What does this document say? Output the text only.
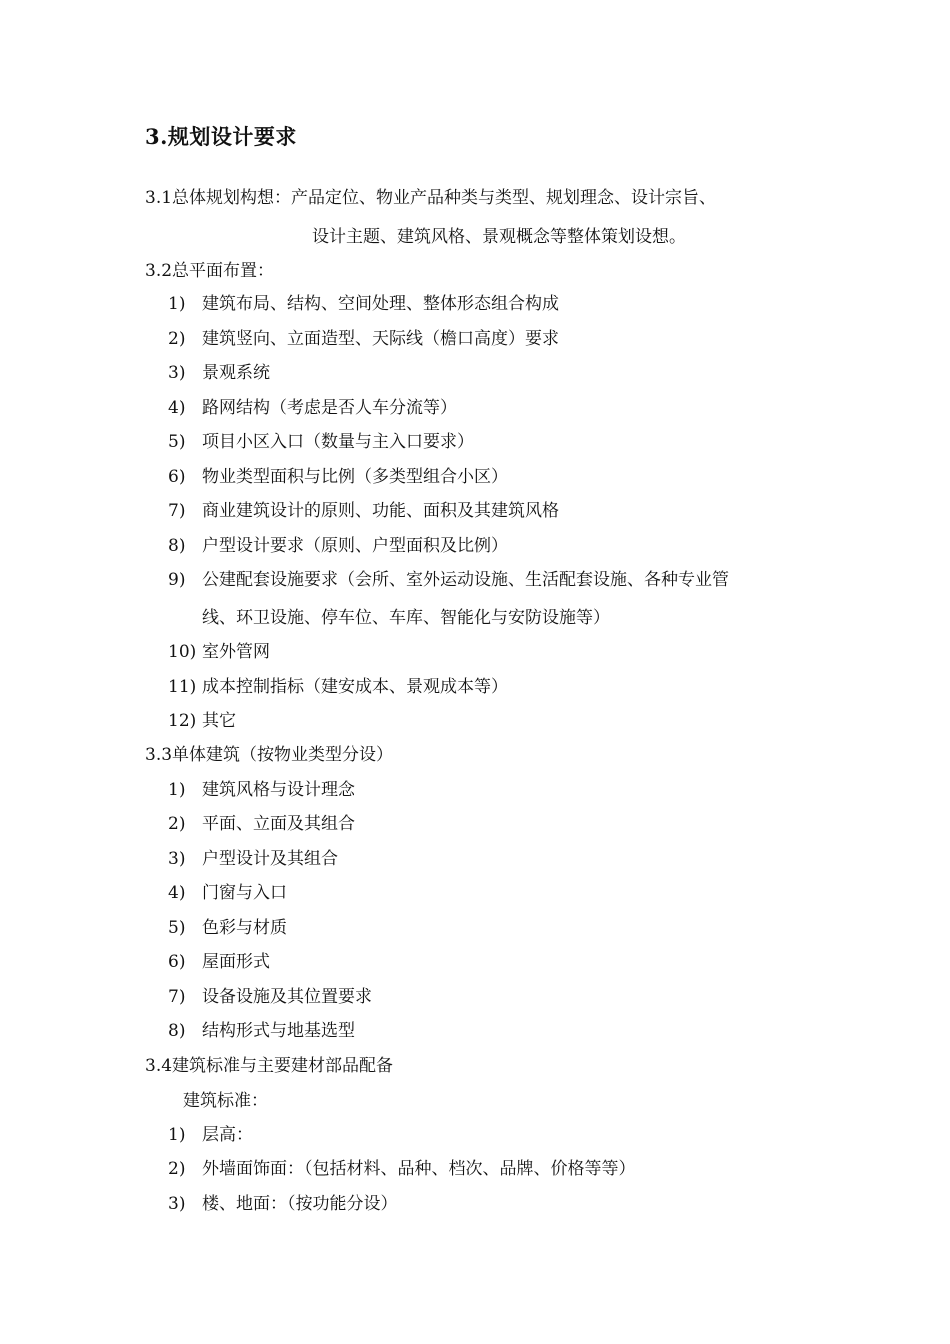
3.规划设计要求
3.1总体规划构想：产品定位、物业产品种类与类型、规划理念、设计宗旨、
设计主题、建筑风格、景观概念等整体策划设想。
3.2总平面布置：
1) 建筑布局、结构、空间处理、整体形态组合构成
2) 建筑竖向、立面造型、天际线（檐口高度）要求
3) 景观系统
4) 路网结构（考虑是否人车分流等）
5) 项目小区入口（数量与主入口要求）
6) 物业类型面积与比例（多类型组合小区）
7) 商业建筑设计的原则、功能、面积及其建筑风格
8) 户型设计要求（原则、户型面积及比例）
9) 公建配套设施要求（会所、室外运动设施、生活配套设施、各种专业管
线、环卫设施、停车位、车库、智能化与安防设施等）
10) 室外管网
11) 成本控制指标（建安成本、景观成本等）
12) 其它
3.3单体建筑（按物业类型分设）
1) 建筑风格与设计理念
2) 平面、立面及其组合
3) 户型设计及其组合
4) 门窗与入口
5) 色彩与材质
6) 屋面形式
7) 设备设施及其位置要求
8) 结构形式与地基选型
3.4建筑标准与主要建材部品配备
建筑标准：
1) 层高：
2) 外墙面饰面：（包括材料、品种、档次、品牌、价格等等）
3) 楼、地面：（按功能分设）
